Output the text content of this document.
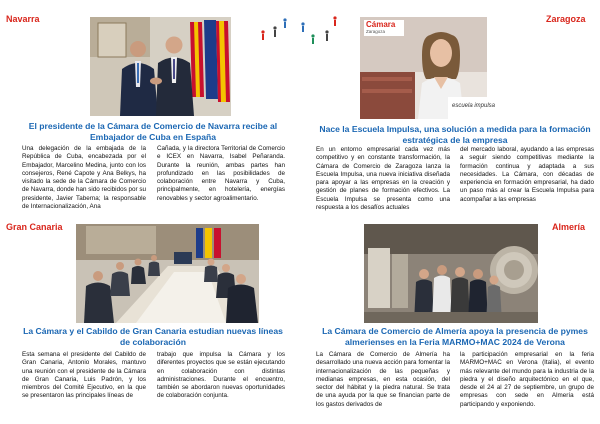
Navarra
El presidente de la Cámara de Comercio de Navarra recibe al Embajador de Cuba en España
Una delegación de la embajada de la República de Cuba, encabezada por el Embajador, Marcelino Medina, junto con los consejeros, René Capote y Ana Belkys, ha visitado la sede de la Cámara de Comercio de Navarra, donde han sido recibidos por su presidente, Javier Taberna; la responsable de Internacionalización, Ana
Cañada, y la directora Territorial de Comercio e ICEX en Navarra, Isabel Peñaranda. Durante la reunión, ambas partes han profundizado en las posibilidades de colaboración entre Navarra y Cuba, principalmente, en hotelería, energías renovables y sector agroalimentario.
Zaragoza
escuela impulsa
Cámara
Zaragoza
Nace la Escuela Impulsa, una solución a medida para la formación estratégica de la empresa
En un entorno empresarial cada vez más competitivo y en constante transformación, la Cámara de Comercio de Zaragoza lanza la Escuela Impulsa, una nueva iniciativa diseñada para apoyar a las empresas en la creación y gestión de planes de formación efectivos. La Escuela Impulsa se presenta como una respuesta a los desafíos actuales
del mercado laboral, ayudando a las empresas a seguir siendo competitivas mediante la formación continua y adaptada a sus necesidades. La Cámara, con décadas de experiencia en formación empresarial, ha dado un paso más al crear la Escuela Impulsa para acompañar a las empresas
Gran Canaria
La Cámara y el Cabildo de Gran Canaria estudian nuevas líneas de colaboración
Esta semana el presidente del Cabildo de Gran Canaria, Antonio Morales, mantuvo una reunión con el presidente de la Cámara de Gran Canaria, Luis Padrón, y los miembros del Comité Ejecutivo, en la que se presentaron las principales líneas de
trabajo que impulsa la Cámara y los diferentes proyectos que se están ejecutando en colaboración con distintas administraciones. Durante el encuentro, también se abordaron nuevas oportunidades de colaboración conjunta.
Almería
La Cámara de Comercio de Almería apoya la presencia de pymes almerienses en la Feria MARMO+MAC 2024 de Verona
La Cámara de Comercio de Almería ha desarrollado una nueva acción para fomentar la internacionalización de las pequeñas y medianas empresas, en esta ocasión, del sector del hábitat y la piedra natural. Se trata de una ayuda por la que se financian parte de los gastos derivados de
la participación empresarial en la feria MARMO+MAC en Verona (Italia), el evento más relevante del mundo para la industria de la piedra y el diseño arquitectónico en el que, desde el 24 al 27 de septiembre, un grupo de empresas con sede en Almería está participando y exponiendo.
